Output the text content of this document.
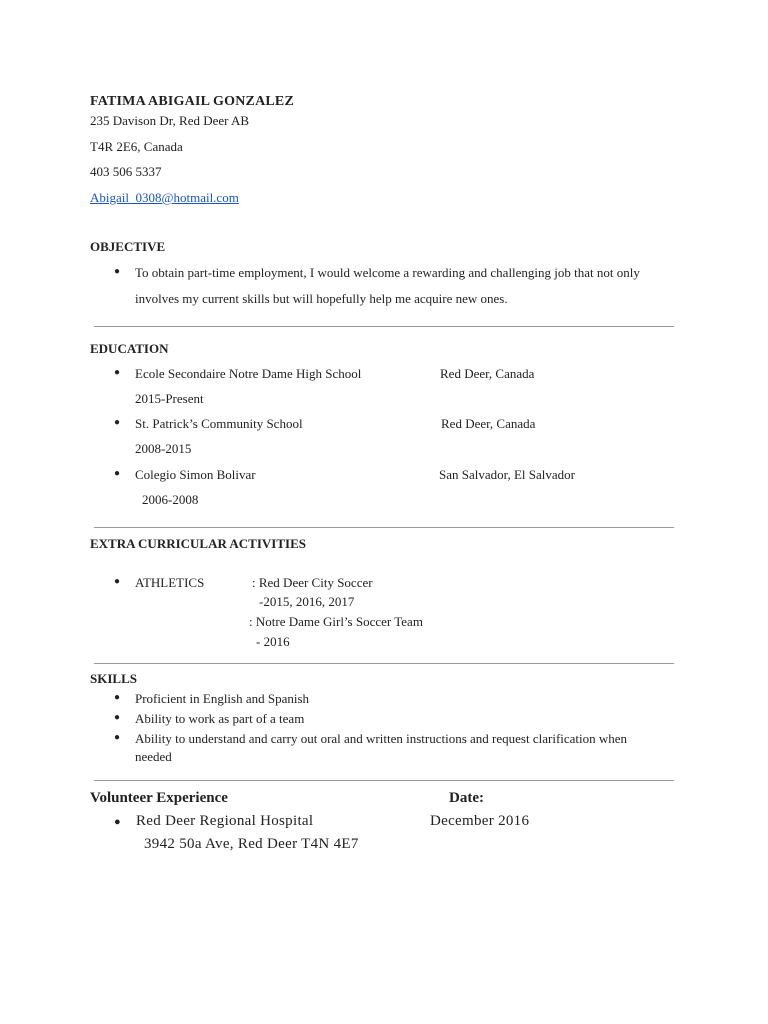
FATIMA ABIGAIL GONZALEZ
235 Davison Dr, Red Deer AB
T4R 2E6, Canada
403 506 5337
Abigail_0308@hotmail.com
OBJECTIVE
● To obtain part-time employment, I would welcome a rewarding and challenging job that not only
involves my current skills but will hopefully help me acquire new ones.
EDUCATION
● Ecole Secondaire Notre Dame High School	Red Deer, Canada
2015-Present
● St. Patrick’s Community School	Red Deer, Canada
2008-2015
● Colegio Simon Bolivar	San Salvador, El Salvador
2006-2008
EXTRA CURRICULAR ACTIVITIES
● ATHLETICS	: Red Deer City Soccer
-2015, 2016, 2017
: Notre Dame Girl’s Soccer Team
- 2016
SKILLS
● Proficient in English and Spanish
● Ability to work as part of a team
● Ability to understand and carry out oral and written instructions and request clarification when
needed
Volunteer Experience	Date:
● Red Deer Regional Hospital	December 2016
3942 50a Ave, Red Deer T4N 4E7
